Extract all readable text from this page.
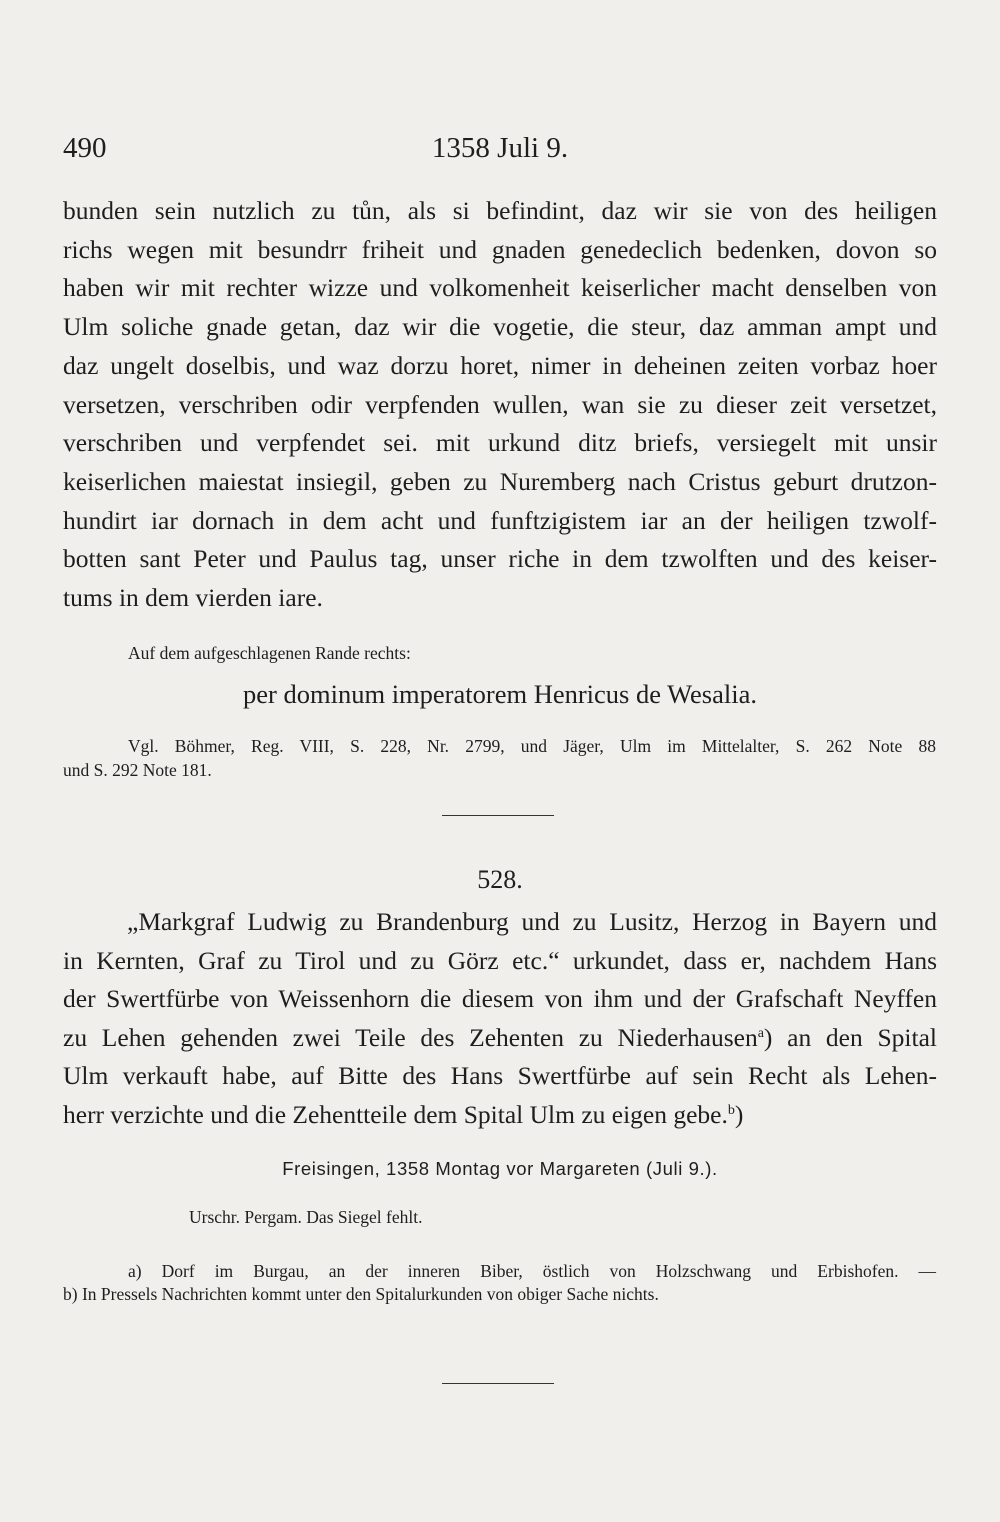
490	1358 Juli 9.
bunden sein nutzlich zu tůn, als si befindint, daz wir sie von des heiligen
richs wegen mit besundrr friheit und gnaden genedeclich bedenken, dovon so
haben wir mit rechter wizze und volkomenheit keiserlicher macht denselben von
Ulm soliche gnade getan, daz wir die vogetie, die steur, daz amman ampt und
daz ungelt doselbis, und waz dorzu horet, nimer in deheinen zeiten vorbaz hoer
versetzen, verschriben odir verpfenden wullen, wan sie zu dieser zeit versetzet,
verschriben und verpfendet sei. mit urkund ditz briefs, versiegelt mit unsir
keiserlichen maiestat insiegil, geben zu Nuremberg nach Cristus geburt drutzon-
hundirt iar dornach in dem acht und funftzigistem iar an der heiligen tzwolf-
botten sant Peter und Paulus tag, unser riche in dem tzwolften und des keiser-
tums in dem vierden iare.
Auf dem aufgeschlagenen Rande rechts:
per dominum imperatorem Henricus de Wesalia.
Vgl. Böhmer, Reg. VIII, S. 228, Nr. 2799, und Jäger, Ulm im Mittelalter, S. 262 Note 88
und S. 292 Note 181.
528.
„Markgraf Ludwig zu Brandenburg und zu Lusitz, Herzog in Bayern und
in Kernten, Graf zu Tirol und zu Görz etc.“ urkundet, dass er, nachdem Hans
der Swertfürbe von Weissenhorn die diesem von ihm und der Grafschaft Neyffen
zu Lehen gehenden zwei Teile des Zehenten zu Niederhausen$^a$) an den Spital
Ulm verkauft habe, auf Bitte des Hans Swertfürbe auf sein Recht als Lehen-
herr verzichte und die Zehentteile dem Spital Ulm zu eigen gebe.$^b$)
Freisingen, 1358 Montag vor Margareten (Juli 9.).
Urschr. Pergam. Das Siegel fehlt.
a) Dorf im Burgau, an der inneren Biber, östlich von Holzschwang und Erbishofen. —
b) In Pressels Nachrichten kommt unter den Spitalurkunden von obiger Sache nichts.
